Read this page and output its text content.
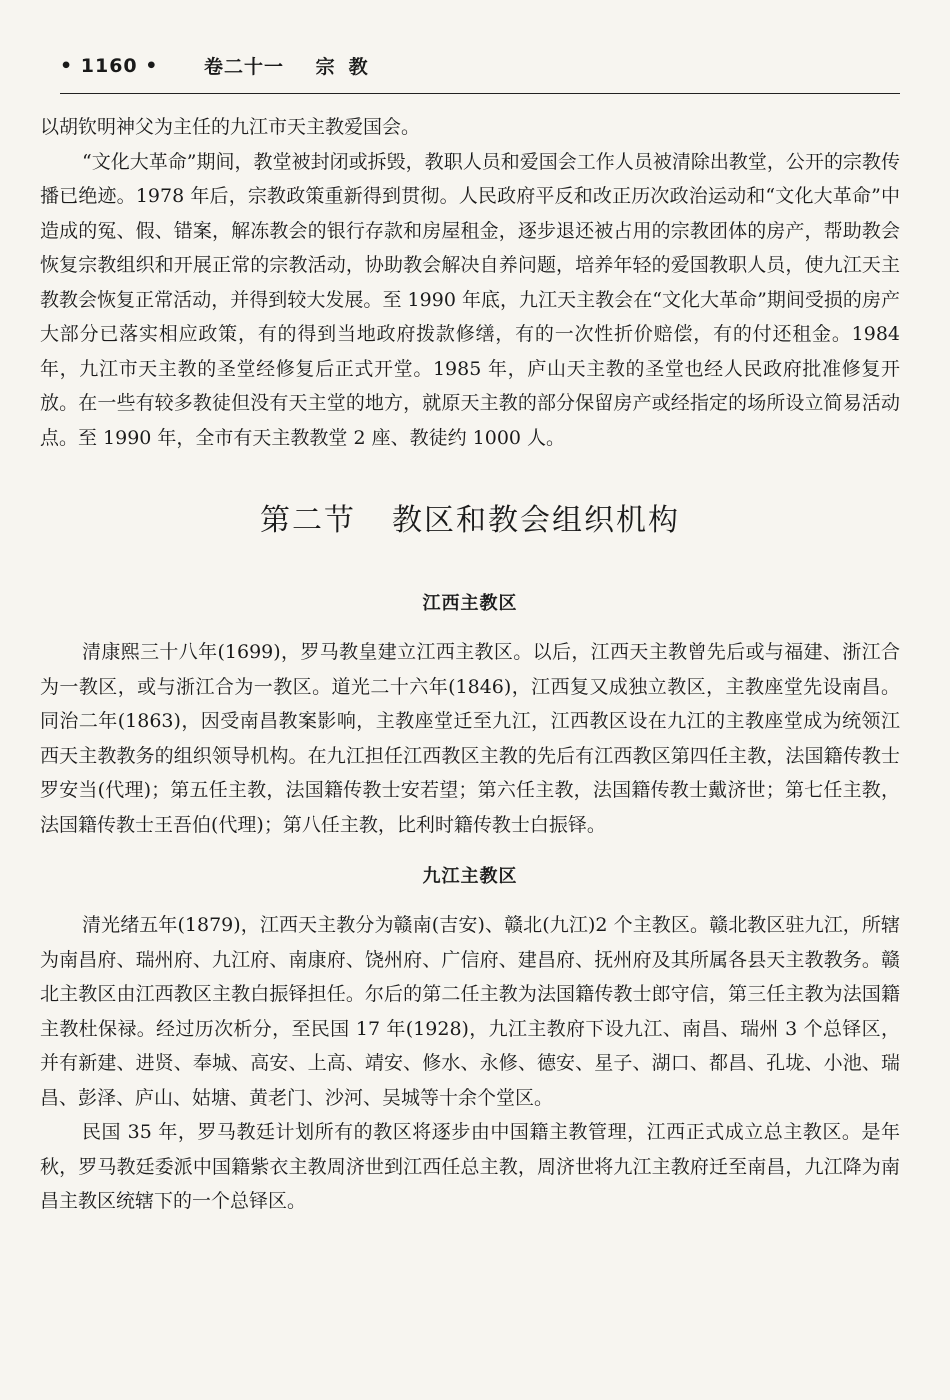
• 1160 • 卷二十一 宗教

以胡钦明神父为主任的九江市天主教爱国会。

“文化大革命”期间，教堂被封闭或拆毁，教职人员和爱国会工作人员被清除出教堂，公开的宗教传播已绝迹。1978 年后，宗教政策重新得到贯彻。人民政府平反和改正历次政治运动和“文化大革命”中造成的冤、假、错案，解冻教会的银行存款和房屋租金，逐步退还被占用的宗教团体的房产，帮助教会恢复宗教组织和开展正常的宗教活动，协助教会解决自养问题，培养年轻的爱国教职人员，使九江天主教教会恢复正常活动，并得到较大发展。至 1990 年底，九江天主教会在“文化大革命”期间受损的房产大部分已落实相应政策，有的得到当地政府拨款修缮，有的一次性折价赔偿，有的付还租金。1984 年，九江市天主教的圣堂经修复后正式开堂。1985 年，庐山天主教的圣堂也经人民政府批准修复开放。在一些有较多教徒但没有天主堂的地方，就原天主教的部分保留房产或经指定的场所设立简易活动点。至 1990 年，全市有天主教教堂 2 座、教徒约 1000 人。

第二节 教区和教会组织机构
江西主教区

清康熙三十八年(1699)，罗马教皇建立江西主教区。以后，江西天主教曾先后或与福建、浙江合为一教区，或与浙江合为一教区。道光二十六年(1846)，江西复又成独立教区，主教座堂先设南昌。同治二年(1863)，因受南昌教案影响，主教座堂迁至九江，江西教区设在九江的主教座堂成为统领江西天主教教务的组织领导机构。在九江担任江西教区主教的先后有江西教区第四任主教，法国籍传教士罗安当(代理)；第五任主教，法国籍传教士安若望；第六任主教，法国籍传教士戴济世；第七任主教，法国籍传教士王吾伯(代理)；第八任主教，比利时籍传教士白振铎。

九江主教区

清光绪五年(1879)，江西天主教分为赣南(吉安)、赣北(九江)2 个主教区。赣北教区驻九江，所辖为南昌府、瑞州府、九江府、南康府、饶州府、广信府、建昌府、抚州府及其所属各县天主教教务。赣北主教区由江西教区主教白振铎担任。尔后的第二任主教为法国籍传教士郎守信，第三任主教为法国籍主教杜保禄。经过历次析分，至民国 17 年(1928)，九江主教府下设九江、南昌、瑞州 3 个总铎区，并有新建、进贤、奉城、高安、上高、靖安、修水、永修、德安、星子、湖口、都昌、孔垅、小池、瑞昌、彭泽、庐山、姑塘、黄老门、沙河、吴城等十余个堂区。

民国 35 年，罗马教廷计划所有的教区将逐步由中国籍主教管理，江西正式成立总主教区。是年秋，罗马教廷委派中国籍紫衣主教周济世到江西任总主教，周济世将九江主教府迁至南昌，九江降为南昌主教区统辖下的一个总铎区。
